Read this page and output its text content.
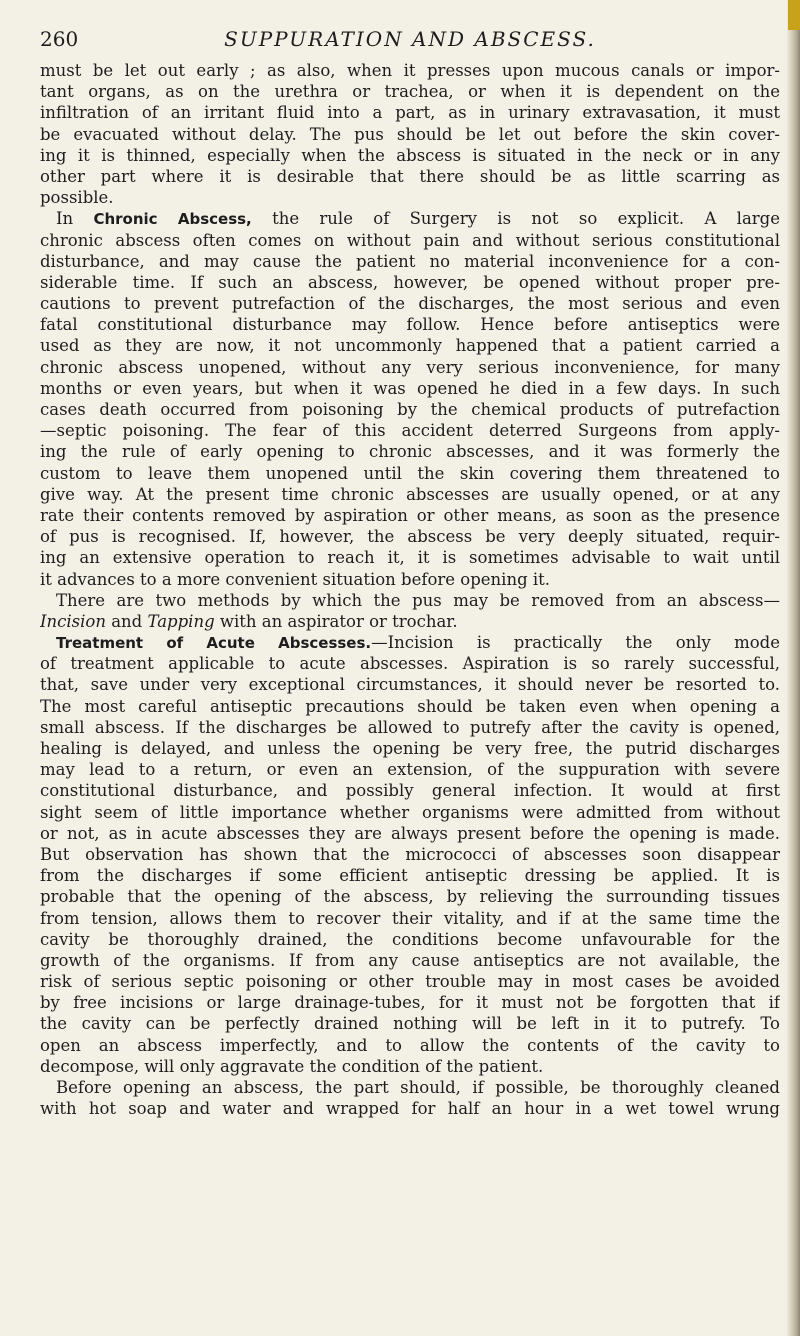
260	SUPPURATION AND ABSCESS.
must be let out early ; as also, when it presses upon mucous canals or impor-
tant organs, as on the urethra or trachea, or when it is dependent on the
infiltration of an irritant fluid into a part, as in urinary extravasation, it must
be evacuated without delay. The pus should be let out before the skin cover-
ing it is thinned, especially when the abscess is situated in the neck or in any
other part where it is desirable that there should be as little scarring as
possible.
In Chronic Abscess, the rule of Surgery is not so explicit. A large
chronic abscess often comes on without pain and without serious constitutional
disturbance, and may cause the patient no material inconvenience for a con-
siderable time. If such an abscess, however, be opened without proper pre-
cautions to prevent putrefaction of the discharges, the most serious and even
fatal constitutional disturbance may follow. Hence before antiseptics were
used as they are now, it not uncommonly happened that a patient carried a
chronic abscess unopened, without any very serious inconvenience, for many
months or even years, but when it was opened he died in a few days. In such
cases death occurred from poisoning by the chemical products of putrefaction
—septic poisoning. The fear of this accident deterred Surgeons from apply-
ing the rule of early opening to chronic abscesses, and it was formerly the
custom to leave them unopened until the skin covering them threatened to
give way. At the present time chronic abscesses are usually opened, or at any
rate their contents removed by aspiration or other means, as soon as the presence
of pus is recognised. If, however, the abscess be very deeply situated, requir-
ing an extensive operation to reach it, it is sometimes advisable to wait until
it advances to a more convenient situation before opening it.
There are two methods by which the pus may be removed from an abscess—
Incision and Tapping with an aspirator or trochar.
Treatment of Acute Abscesses.—Incision is practically the only mode
of treatment applicable to acute abscesses. Aspiration is so rarely successful,
that, save under very exceptional circumstances, it should never be resorted to.
The most careful antiseptic precautions should be taken even when opening a
small abscess. If the discharges be allowed to putrefy after the cavity is opened,
healing is delayed, and unless the opening be very free, the putrid discharges
may lead to a return, or even an extension, of the suppuration with severe
constitutional disturbance, and possibly general infection. It would at first
sight seem of little importance whether organisms were admitted from without
or not, as in acute abscesses they are always present before the opening is made.
But observation has shown that the micrococci of abscesses soon disappear
from the discharges if some efficient antiseptic dressing be applied. It is
probable that the opening of the abscess, by relieving the surrounding tissues
from tension, allows them to recover their vitality, and if at the same time the
cavity be thoroughly drained, the conditions become unfavourable for the
growth of the organisms. If from any cause antiseptics are not available, the
risk of serious septic poisoning or other trouble may in most cases be avoided
by free incisions or large drainage-tubes, for it must not be forgotten that if
the cavity can be perfectly drained nothing will be left in it to putrefy. To
open an abscess imperfectly, and to allow the contents of the cavity to
decompose, will only aggravate the condition of the patient.
Before opening an abscess, the part should, if possible, be thoroughly cleaned
with hot soap and water and wrapped for half an hour in a wet towel wrung
